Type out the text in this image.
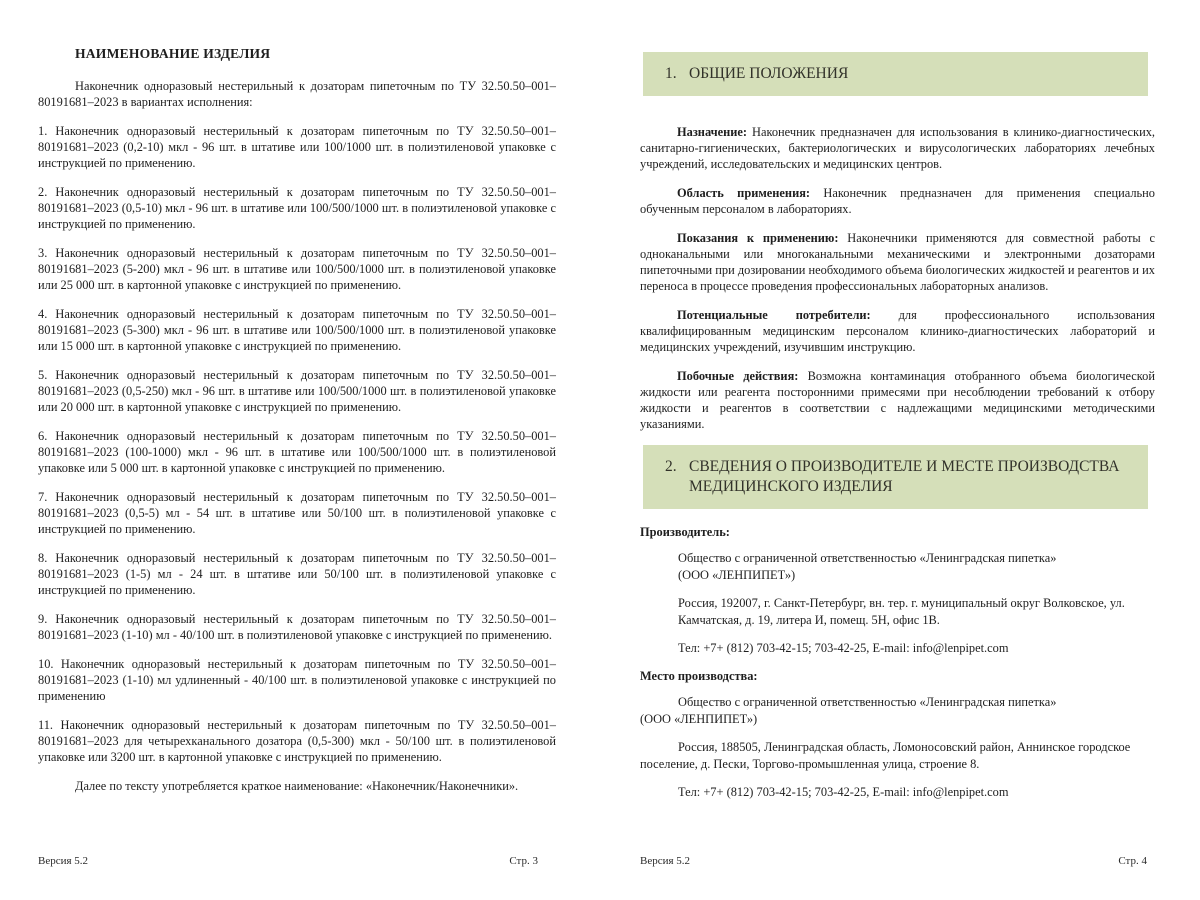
НАИМЕНОВАНИЕ ИЗДЕЛИЯ

Наконечник одноразовый нестерильный к дозаторам пипеточным по ТУ 32.50.50–001–80191681–2023 в вариантах исполнения:

1. Наконечник одноразовый нестерильный к дозаторам пипеточным по ТУ 32.50.50–001–80191681–2023 (0,2-10) мкл - 96 шт. в штативе или 100/1000 шт. в полиэтиленовой упаковке с инструкцией по применению.

2. Наконечник одноразовый нестерильный к дозаторам пипеточным по ТУ 32.50.50–001–80191681–2023 (0,5-10) мкл - 96 шт. в штативе или 100/500/1000 шт. в полиэтиленовой упаковке с инструкцией по применению.

3. Наконечник одноразовый нестерильный к дозаторам пипеточным по ТУ 32.50.50–001–80191681–2023 (5-200) мкл - 96 шт. в штативе или 100/500/1000 шт. в полиэтиленовой упаковке или 25 000 шт. в картонной упаковке с инструкцией по применению.

4. Наконечник одноразовый нестерильный к дозаторам пипеточным по ТУ 32.50.50–001–80191681–2023 (5-300) мкл - 96 шт. в штативе или 100/500/1000 шт. в полиэтиленовой упаковке или 15 000 шт. в картонной упаковке с инструкцией по применению.

5. Наконечник одноразовый нестерильный к дозаторам пипеточным по ТУ 32.50.50–001–80191681–2023 (0,5-250) мкл - 96 шт. в штативе или 100/500/1000 шт. в полиэтиленовой упаковке или 20 000 шт. в картонной упаковке с инструкцией по применению.

6. Наконечник одноразовый нестерильный к дозаторам пипеточным по ТУ 32.50.50–001–80191681–2023 (100-1000) мкл - 96 шт. в штативе или 100/500/1000 шт. в полиэтиленовой упаковке или 5 000 шт. в картонной упаковке с инструкцией по применению.

7. Наконечник одноразовый нестерильный к дозаторам пипеточным по ТУ 32.50.50–001–80191681–2023 (0,5-5) мл - 54 шт. в штативе или 50/100 шт. в полиэтиленовой упаковке с инструкцией по применению.

8. Наконечник одноразовый нестерильный к дозаторам пипеточным по ТУ 32.50.50–001–80191681–2023 (1-5) мл - 24 шт. в штативе или 50/100 шт. в полиэтиленовой упаковке с инструкцией по применению.

9. Наконечник одноразовый нестерильный к дозаторам пипеточным по ТУ 32.50.50–001–80191681–2023 (1-10) мл - 40/100 шт. в полиэтиленовой упаковке с инструкцией по применению.

10. Наконечник одноразовый нестерильный к дозаторам пипеточным по ТУ 32.50.50–001–80191681–2023 (1-10) мл удлиненный - 40/100 шт. в полиэтиленовой упаковке с инструкцией по применению

11. Наконечник одноразовый нестерильный к дозаторам пипеточным по ТУ 32.50.50–001–80191681–2023 для четырехканального дозатора (0,5-300) мкл - 50/100 шт. в полиэтиленовой упаковке или 3200 шт. в картонной упаковке с инструкцией по применению.

Далее по тексту употребляется краткое наименование: «Наконечник/Наконечники».

Версия 5.2	Стр. 3
1. ОБЩИЕ ПОЛОЖЕНИЯ

Назначение: Наконечник предназначен для использования в клинико-диагностических, санитарно-гигиенических, бактериологических и вирусологических лабораториях лечебных учреждений, исследовательских и медицинских центров.

Область применения: Наконечник предназначен для применения специально обученным персоналом в лабораториях.

Показания к применению: Наконечники применяются для совместной работы с одноканальными или многоканальными механическими и электронными дозаторами пипеточными при дозировании необходимого объема биологических жидкостей и реагентов и их переноса в процессе проведения профессиональных лабораторных анализов.

Потенциальные потребители: для профессионального использования квалифицированным медицинским персоналом клинико-диагностических лабораторий и медицинских учреждений, изучившим инструкцию.

Побочные действия: Возможна контаминация отобранного объема биологической жидкости или реагента посторонними примесями при несоблюдении требований к отбору жидкости и реагентов в соответствии с надлежащими медицинскими методическими указаниями.

2. СВЕДЕНИЯ О ПРОИЗВОДИТЕЛЕ И МЕСТЕ ПРОИЗВОДСТВА
МЕДИЦИНСКОГО ИЗДЕЛИЯ

Производитель:

Общество с ограниченной ответственностью «Ленинградская пипетка»
(ООО «ЛЕНПИПЕТ»)

Россия, 192007, г. Санкт-Петербург, вн. тер. г. муниципальный округ Волковское, ул. Камчатская, д. 19, литера И, помещ. 5Н, офис 1В.

Тел: +7+ (812) 703-42-15; 703-42-25, E-mail: info@lenpipet.com

Место производства:

Общество с ограниченной ответственностью «Ленинградская пипетка»
(ООО «ЛЕНПИПЕТ»)

Россия, 188505, Ленинградская область, Ломоносовский район, Аннинское городское поселение, д. Пески, Торгово-промышленная улица, строение 8.

Тел: +7+ (812) 703-42-15; 703-42-25, E-mail: info@lenpipet.com

Версия 5.2	Стр. 4
